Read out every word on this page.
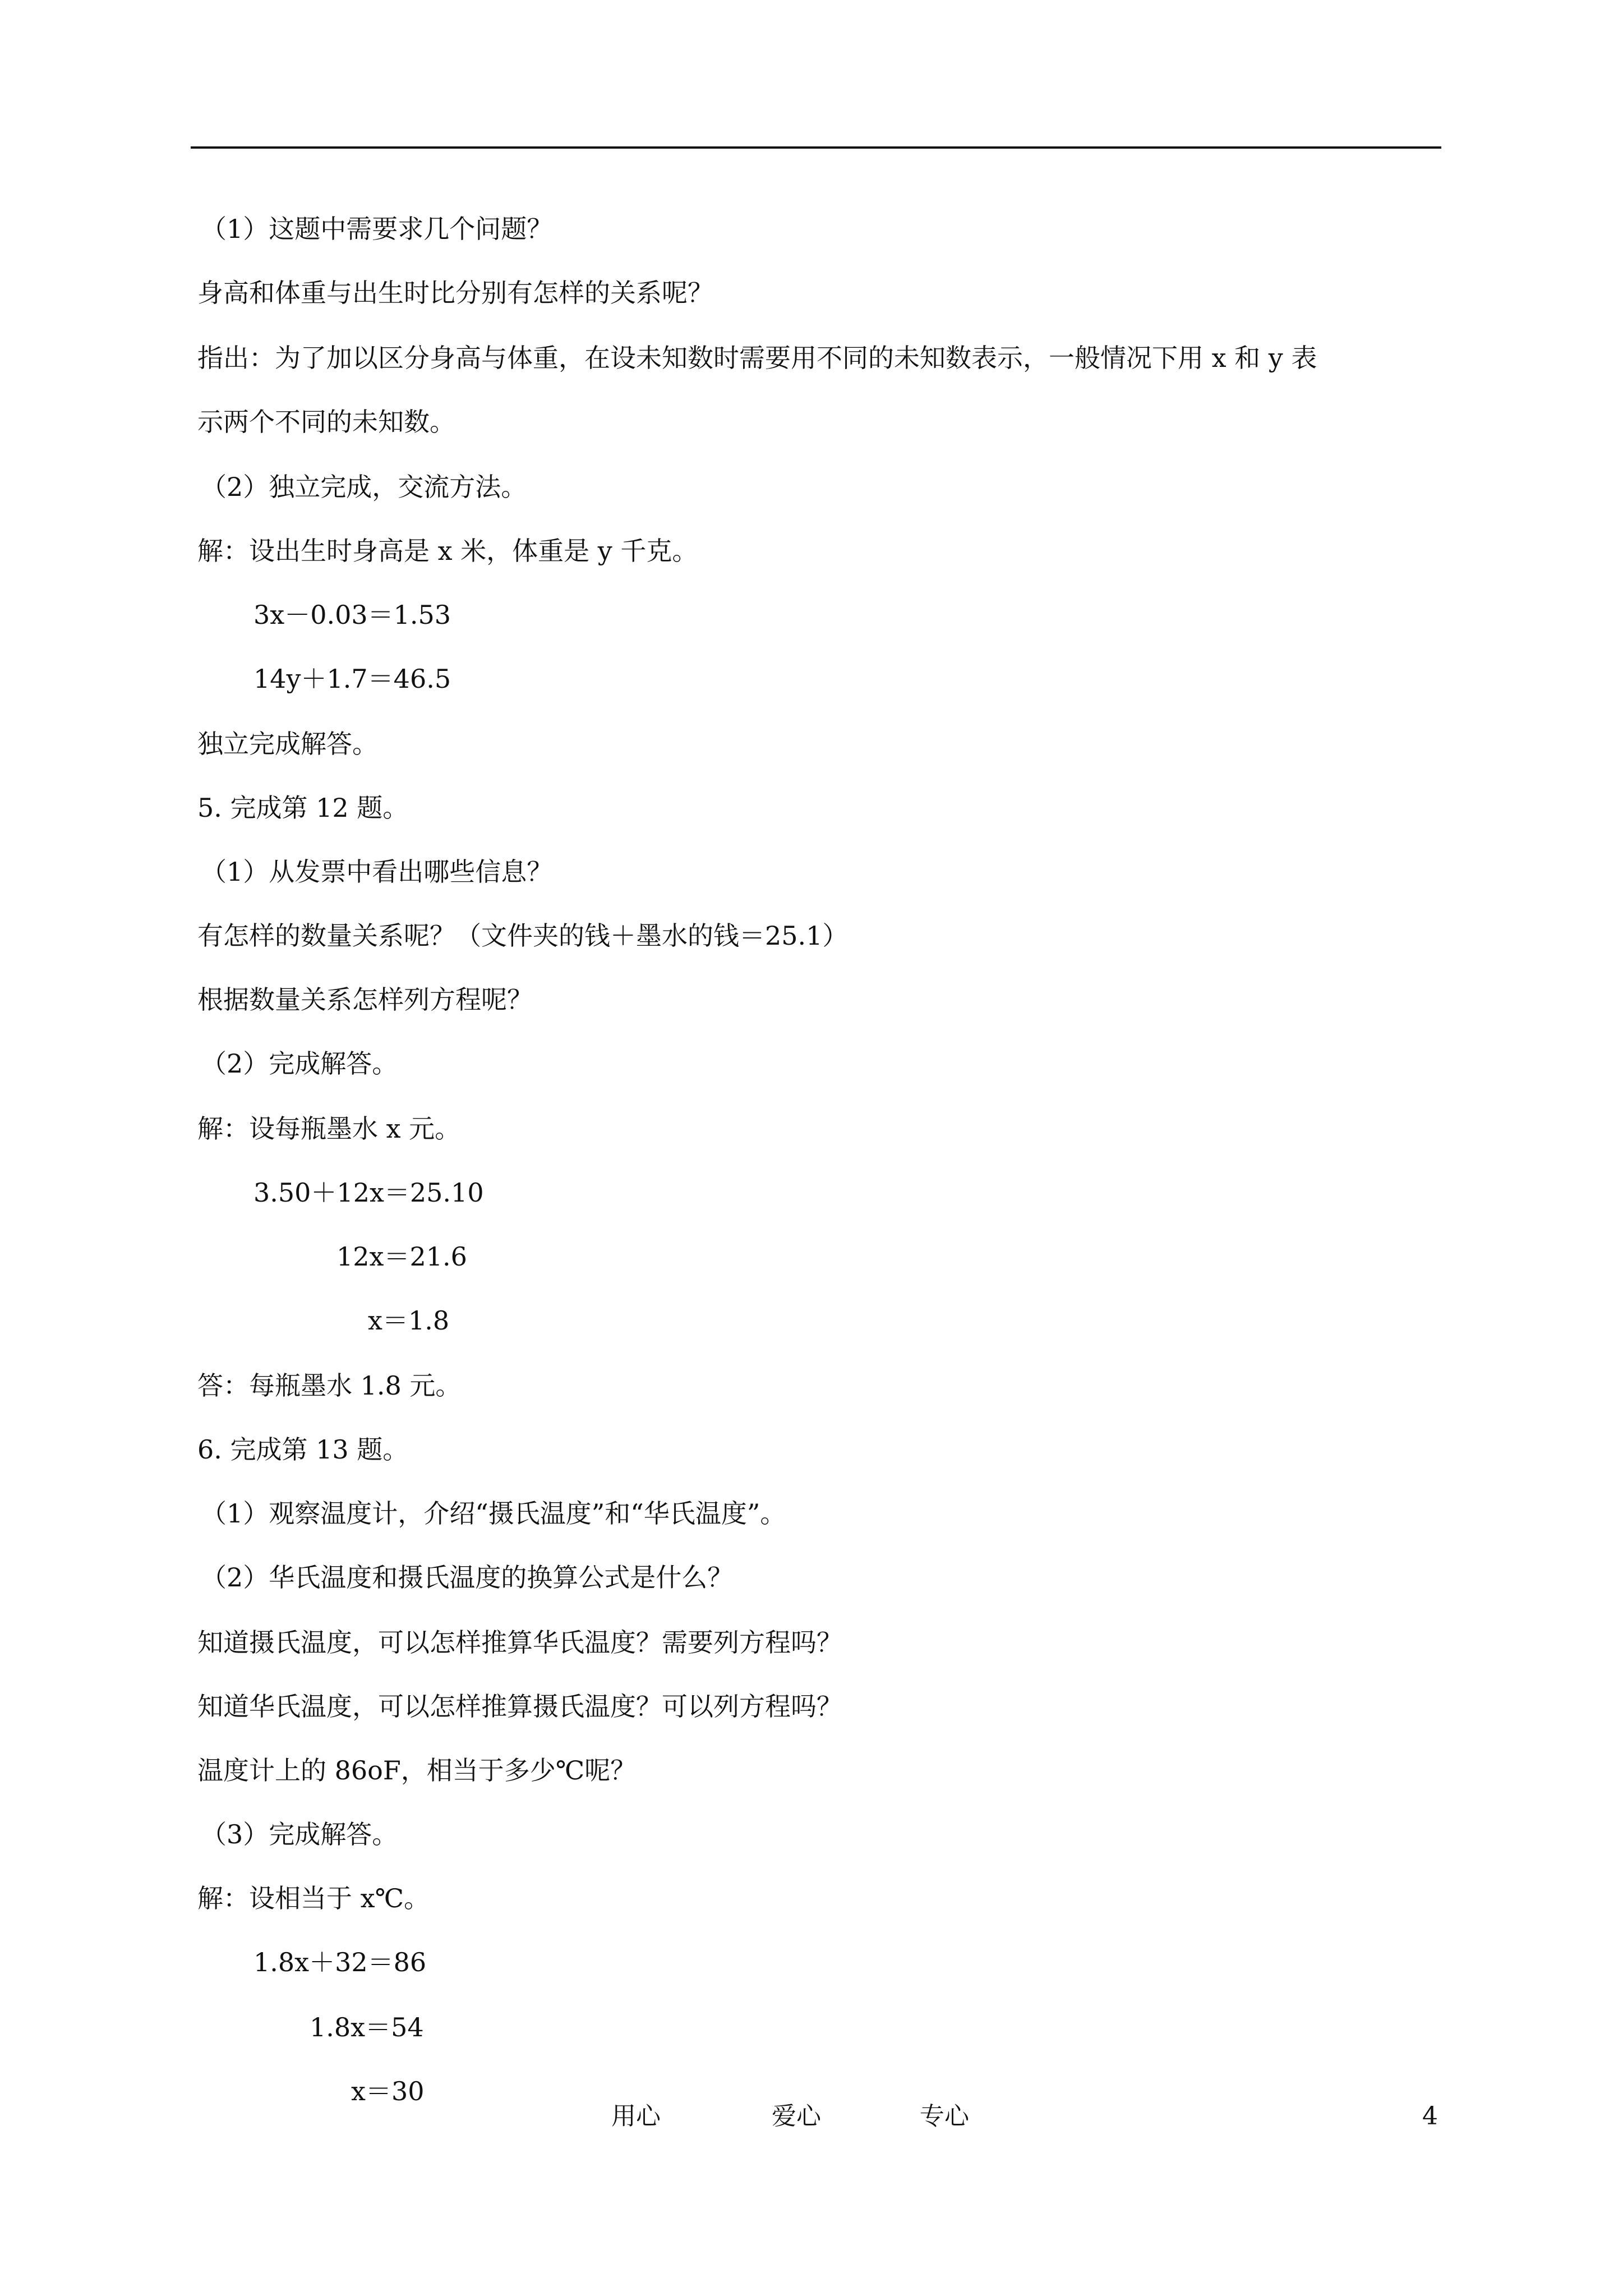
（1）这题中需要求几个问题？
身高和体重与出生时比分别有怎样的关系呢？
指出：为了加以区分身高与体重，在设未知数时需要用不同的未知数表示，一般情况下用 x 和 y 表
示两个不同的未知数。
（2）独立完成，交流方法。
解：设出生时身高是 x 米，体重是 y 千克。
3x－0.03＝1.53
14y＋1.7＝46.5
独立完成解答。
5. 完成第 12 题。
（1）从发票中看出哪些信息？
有怎样的数量关系呢？（文件夹的钱＋墨水的钱＝25.1）
根据数量关系怎样列方程呢？
（2）完成解答。
解：设每瓶墨水 x 元。
3.50＋12x＝25.10
12x＝21.6
x＝1.8
答：每瓶墨水 1.8 元。
6. 完成第 13 题。
（1）观察温度计，介绍“摄氏温度”和“华氏温度”。
（2）华氏温度和摄氏温度的换算公式是什么？
知道摄氏温度，可以怎样推算华氏温度？需要列方程吗？
知道华氏温度，可以怎样推算摄氏温度？可以列方程吗？
温度计上的 86oF，相当于多少℃呢？
（3）完成解答。
解：设相当于 x℃。
1.8x＋32＝86
1.8x＝54
x＝30
用心	爱心	专心	4
